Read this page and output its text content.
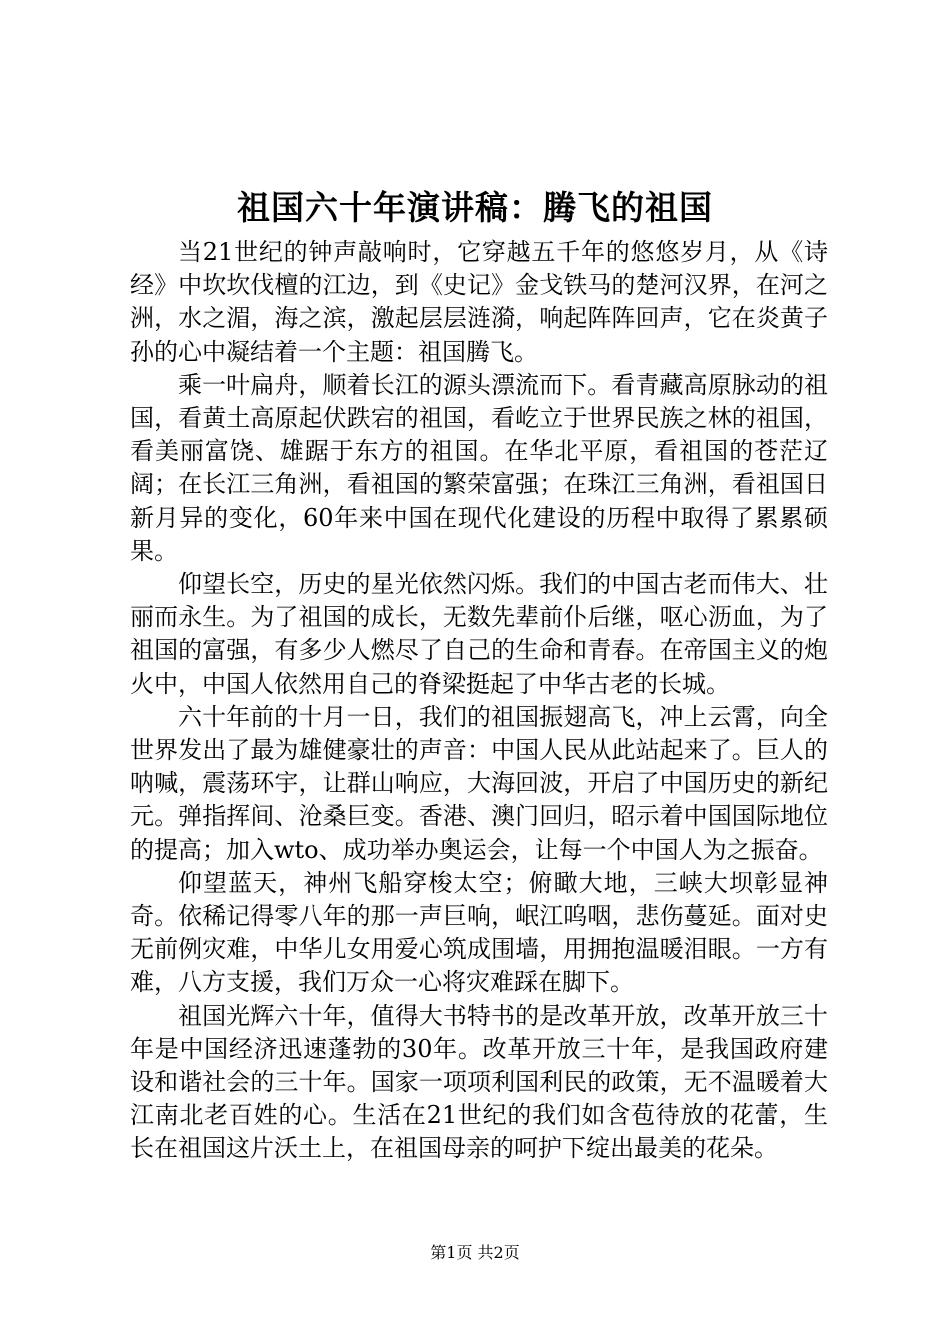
祖国六十年演讲稿：腾飞的祖国

当21世纪的钟声敲响时，它穿越五千年的悠悠岁月，从《诗经》中坎坎伐檀的江边，到《史记》金戈铁马的楚河汉界，在河之洲，水之湄，海之滨，激起层层涟漪，响起阵阵回声，它在炎黄子孙的心中凝结着一个主题：祖国腾飞。

乘一叶扁舟，顺着长江的源头漂流而下。看青藏高原脉动的祖国，看黄土高原起伏跌宕的祖国，看屹立于世界民族之林的祖国，看美丽富饶、雄踞于东方的祖国。在华北平原，看祖国的苍茫辽阔；在长江三角洲，看祖国的繁荣富强；在珠江三角洲，看祖国日新月异的变化，60年来中国在现代化建设的历程中取得了累累硕果。

仰望长空，历史的星光依然闪烁。我们的中国古老而伟大、壮丽而永生。为了祖国的成长，无数先辈前仆后继，呕心沥血，为了祖国的富强，有多少人燃尽了自己的生命和青春。在帝国主义的炮火中，中国人依然用自己的脊梁挺起了中华古老的长城。

六十年前的十月一日，我们的祖国振翅高飞，冲上云霄，向全世界发出了最为雄健豪壮的声音：中国人民从此站起来了。巨人的呐喊，震荡环宇，让群山响应，大海回波，开启了中国历史的新纪元。弹指挥间、沧桑巨变。香港、澳门回归，昭示着中国国际地位的提高；加入wto、成功举办奥运会，让每一个中国人为之振奋。

仰望蓝天，神州飞船穿梭太空；俯瞰大地，三峡大坝彰显神奇。依稀记得零八年的那一声巨响，岷江呜咽，悲伤蔓延。面对史无前例灾难，中华儿女用爱心筑成围墙，用拥抱温暖泪眼。一方有难，八方支援，我们万众一心将灾难踩在脚下。

祖国光辉六十年，值得大书特书的是改革开放，改革开放三十年是中国经济迅速蓬勃的30年。改革开放三十年，是我国政府建设和谐社会的三十年。国家一项项利国利民的政策，无不温暖着大江南北老百姓的心。生活在21世纪的我们如含苞待放的花蕾，生长在祖国这片沃土上，在祖国母亲的呵护下绽出最美的花朵。

第1页 共2页
